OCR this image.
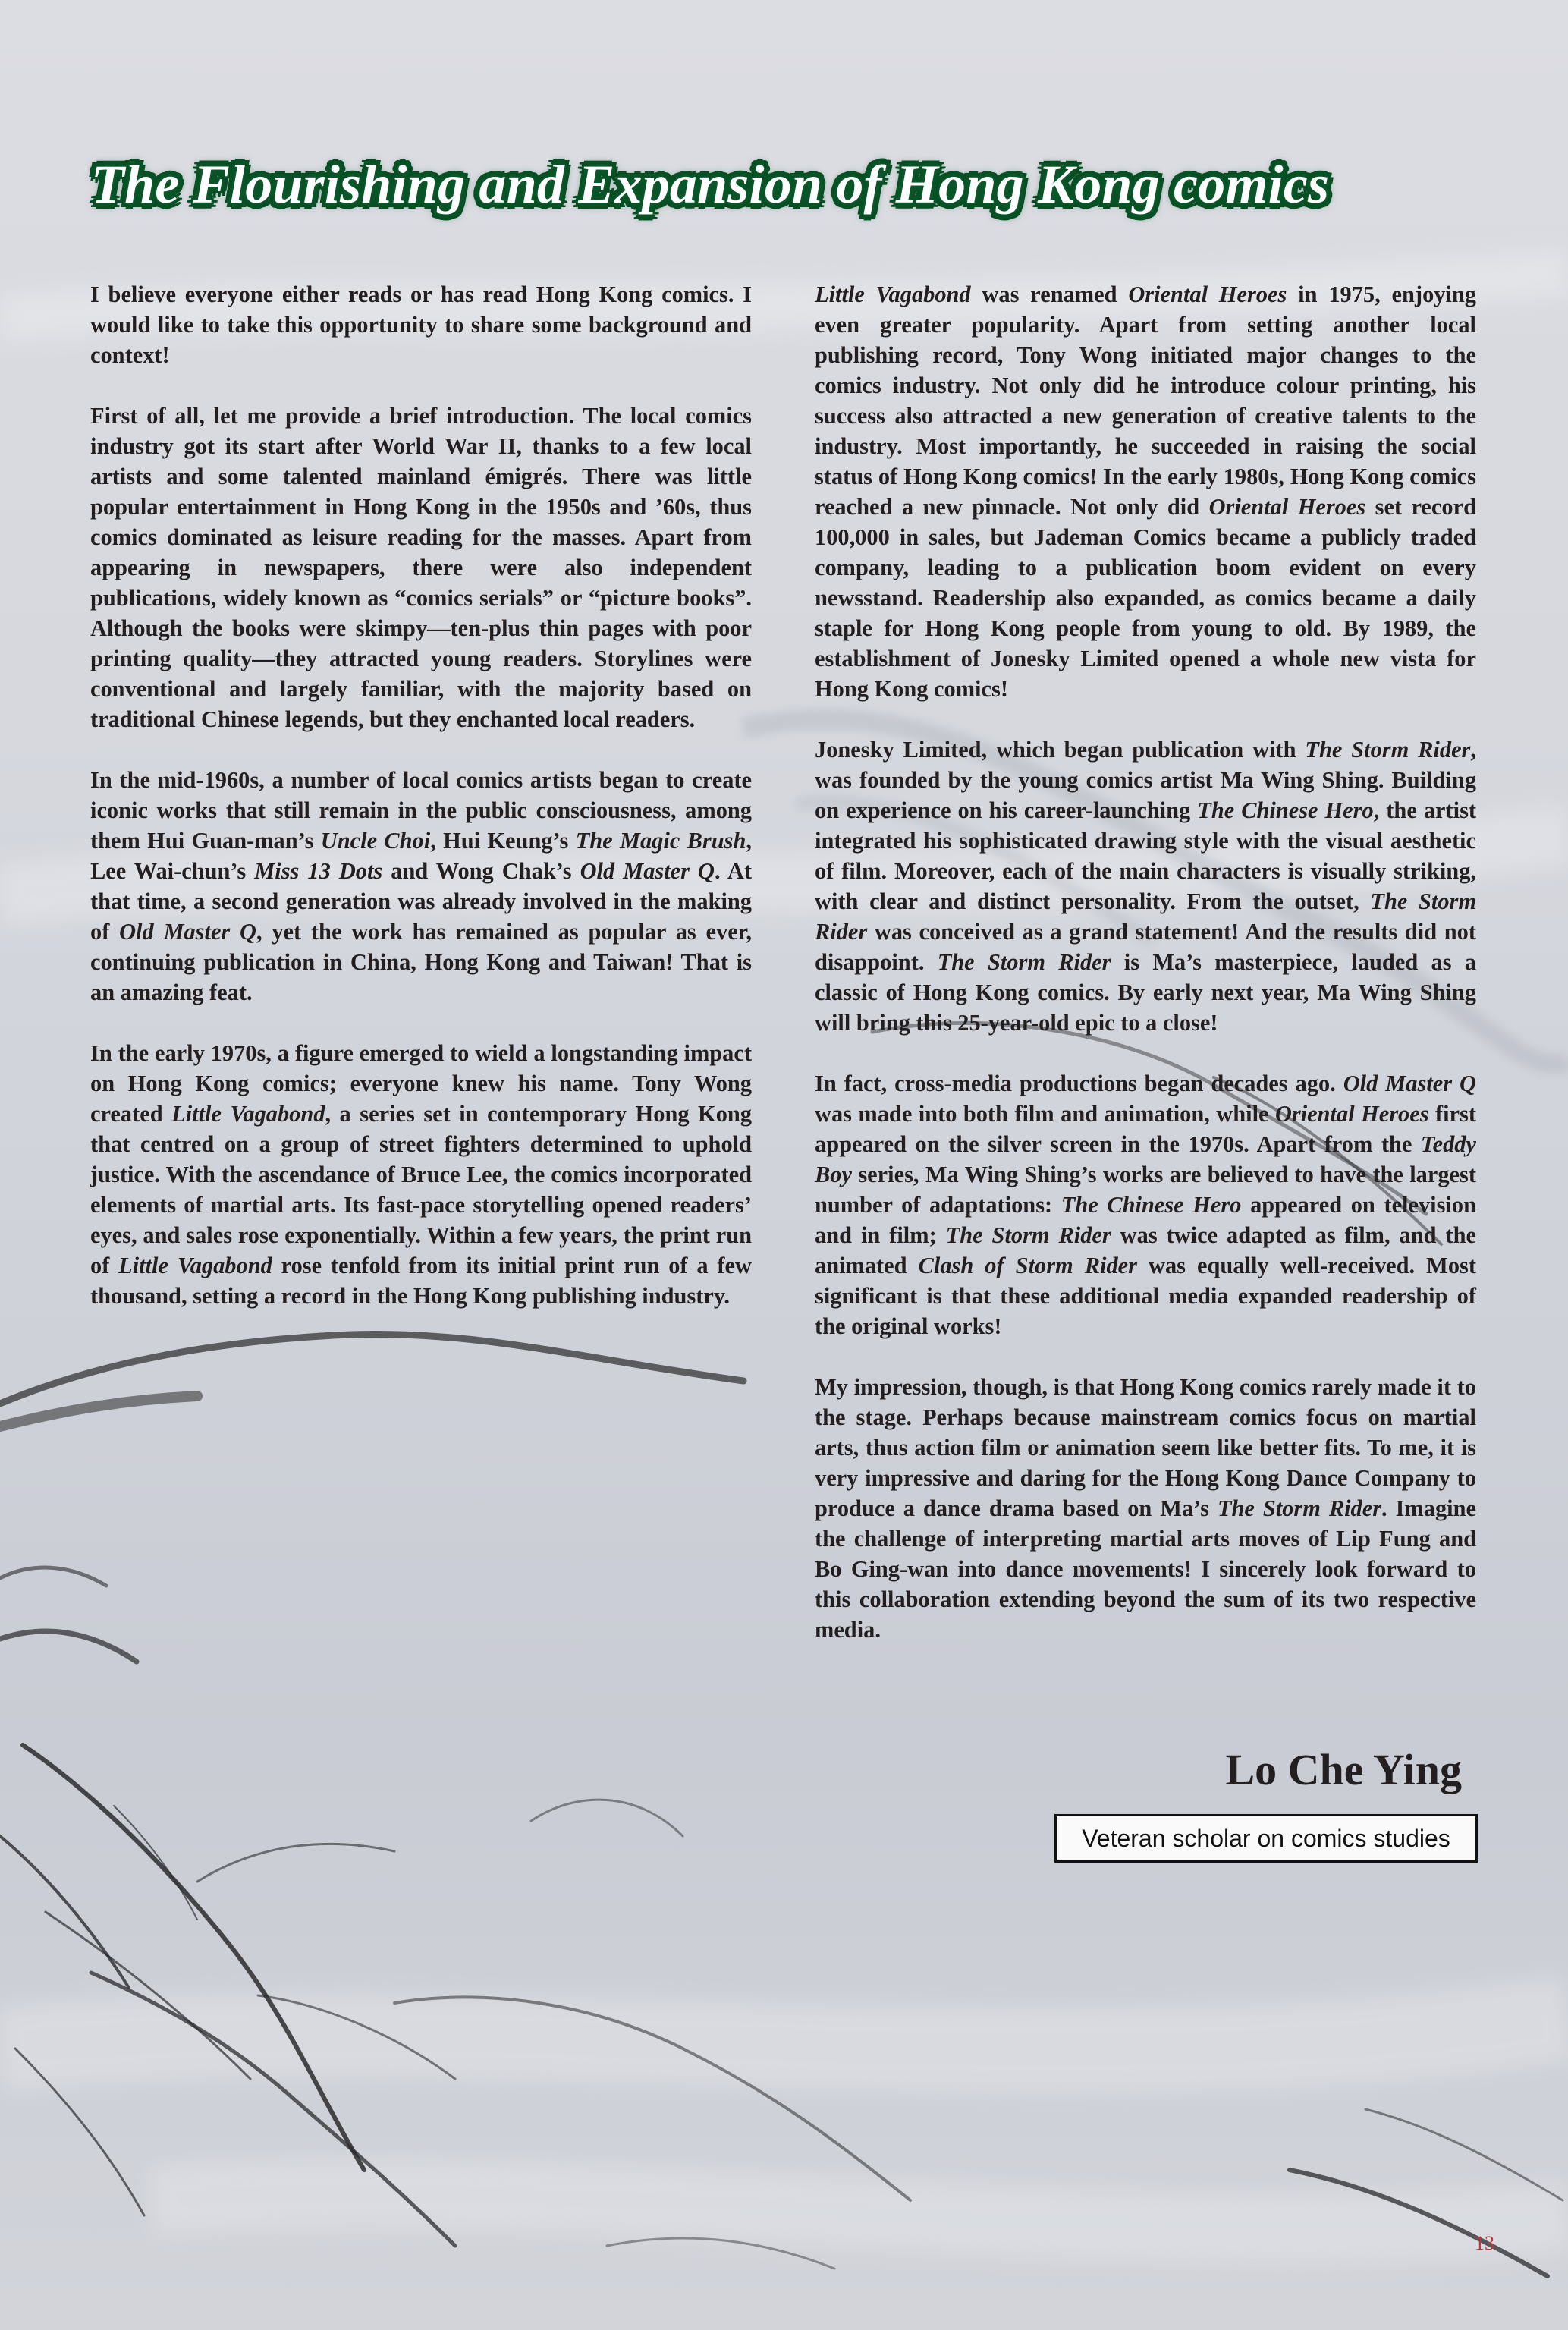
The Flourishing and Expansion of Hong Kong comics

I believe everyone either reads or has read Hong Kong comics. I would like to take this opportunity to share some background and context!

First of all, let me provide a brief introduction. The local comics industry got its start after World War II, thanks to a few local artists and some talented mainland émigrés. There was little popular entertainment in Hong Kong in the 1950s and ’60s, thus comics dominated as leisure reading for the masses. Apart from appearing in newspapers, there were also independent publications, widely known as “comics serials” or “picture books”. Although the books were skimpy—ten-plus thin pages with poor printing quality—they attracted young readers. Storylines were conventional and largely familiar, with the majority based on traditional Chinese legends, but they enchanted local readers.

In the mid-1960s, a number of local comics artists began to create iconic works that still remain in the public consciousness, among them Hui Guan-man’s Uncle Choi, Hui Keung’s The Magic Brush, Lee Wai-chun’s Miss 13 Dots and Wong Chak’s Old Master Q. At that time, a second generation was already involved in the making of Old Master Q, yet the work has remained as popular as ever, continuing publication in China, Hong Kong and Taiwan! That is an amazing feat.

In the early 1970s, a figure emerged to wield a longstanding impact on Hong Kong comics; everyone knew his name. Tony Wong created Little Vagabond, a series set in contemporary Hong Kong that centred on a group of street fighters determined to uphold justice. With the ascendance of Bruce Lee, the comics incorporated elements of martial arts. Its fast-pace storytelling opened readers’ eyes, and sales rose exponentially. Within a few years, the print run of Little Vagabond rose tenfold from its initial print run of a few thousand, setting a record in the Hong Kong publishing industry.

Little Vagabond was renamed Oriental Heroes in 1975, enjoying even greater popularity. Apart from setting another local publishing record, Tony Wong initiated major changes to the comics industry. Not only did he introduce colour printing, his success also attracted a new generation of creative talents to the industry. Most importantly, he succeeded in raising the social status of Hong Kong comics! In the early 1980s, Hong Kong comics reached a new pinnacle. Not only did Oriental Heroes set record 100,000 in sales, but Jademan Comics became a publicly traded company, leading to a publication boom evident on every newsstand. Readership also expanded, as comics became a daily staple for Hong Kong people from young to old. By 1989, the establishment of Jonesky Limited opened a whole new vista for Hong Kong comics!

Jonesky Limited, which began publication with The Storm Rider, was founded by the young comics artist Ma Wing Shing. Building on experience on his career-launching The Chinese Hero, the artist integrated his sophisticated drawing style with the visual aesthetic of film. Moreover, each of the main characters is visually striking, with clear and distinct personality. From the outset, The Storm Rider was conceived as a grand statement! And the results did not disappoint. The Storm Rider is Ma’s masterpiece, lauded as a classic of Hong Kong comics. By early next year, Ma Wing Shing will bring this 25-year-old epic to a close!

In fact, cross-media productions began decades ago. Old Master Q was made into both film and animation, while Oriental Heroes first appeared on the silver screen in the 1970s. Apart from the Teddy Boy series, Ma Wing Shing’s works are believed to have the largest number of adaptations: The Chinese Hero appeared on television and in film; The Storm Rider was twice adapted as film, and the animated Clash of Storm Rider was equally well-received. Most significant is that these additional media expanded readership of the original works!

My impression, though, is that Hong Kong comics rarely made it to the stage. Perhaps because mainstream comics focus on martial arts, thus action film or animation seem like better fits. To me, it is very impressive and daring for the Hong Kong Dance Company to produce a dance drama based on Ma’s The Storm Rider. Imagine the challenge of interpreting martial arts moves of Lip Fung and Bo Ging-wan into dance movements! I sincerely look forward to this collaboration extending beyond the sum of its two respective media.

Lo Che Ying
Veteran scholar on comics studies
13
